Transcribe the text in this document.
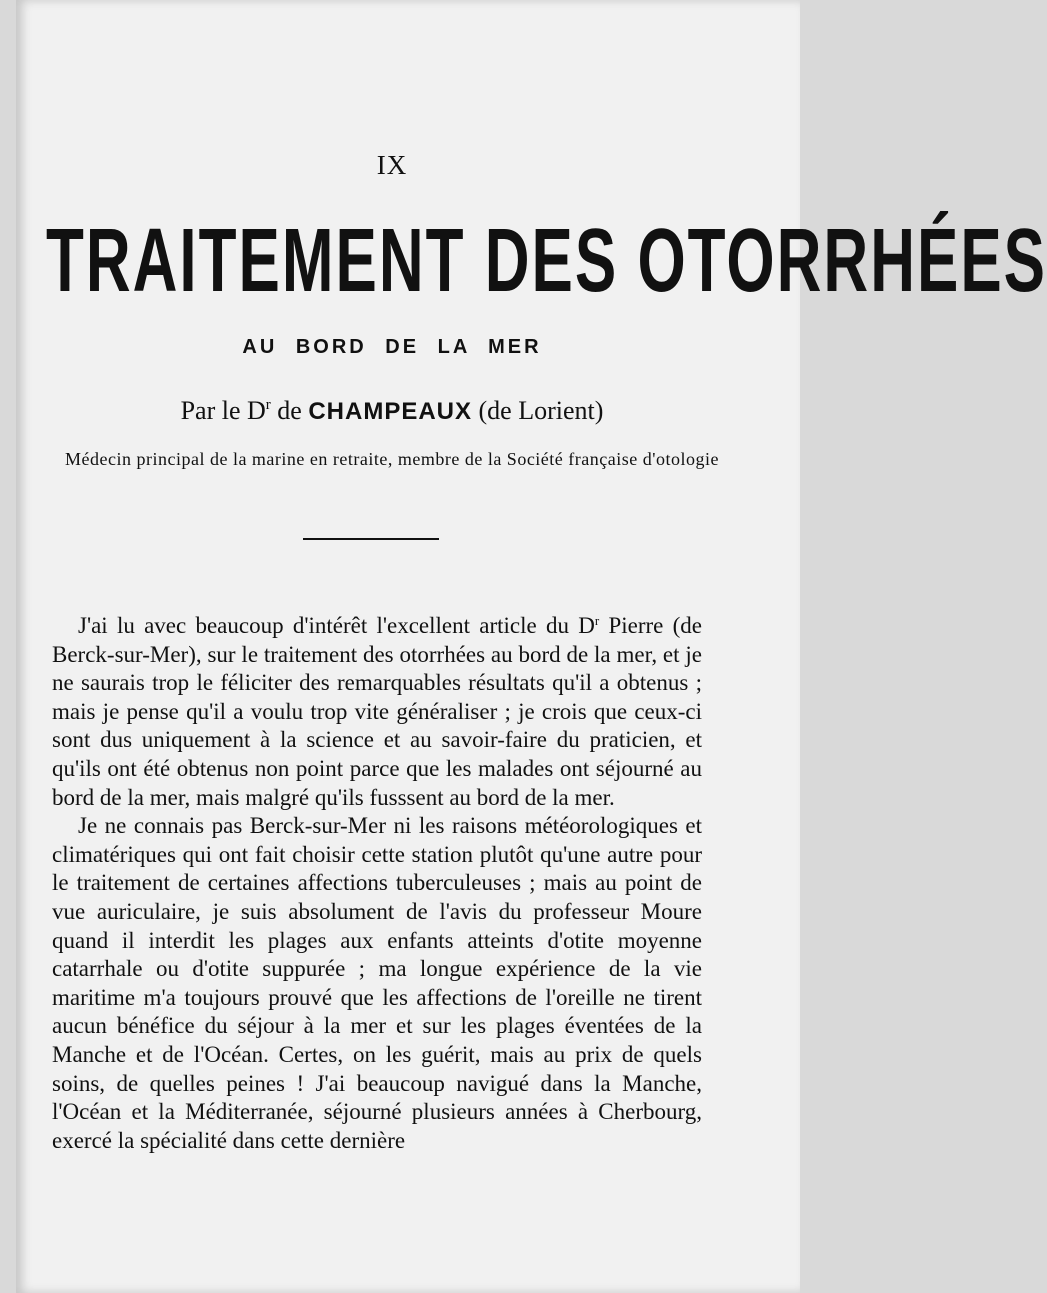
IX
TRAITEMENT DES OTORRHÉES
AU BORD DE LA MER
Par le $D^r$ de CHAMPEAUX (de Lorient)
Médecin principal de la marine en retraite, membre de la Société française d'otologie

J'ai lu avec beaucoup d'intérêt l'excellent article du $D^r$ Pierre (de Berck-sur-Mer), sur le traitement des otorrhées au bord de la mer, et je ne saurais trop le féliciter des remarquables résultats qu'il a obtenus ; mais je pense qu'il a voulu trop vite généraliser ; je crois que ceux-ci sont dus uniquement à la science et au savoir-faire du praticien, et qu'ils ont été obtenus non point parce que les malades ont séjourné au bord de la mer, mais malgré qu'ils fusssent au bord de la mer.

Je ne connais pas Berck-sur-Mer ni les raisons météorologiques et climatériques qui ont fait choisir cette station plutôt qu'une autre pour le traitement de certaines affections tuberculeuses ; mais au point de vue auriculaire, je suis absolument de l'avis du professeur Moure quand il interdit les plages aux enfants atteints d'otite moyenne catarrhale ou d'otite suppurée ; ma longue expérience de la vie maritime m'a toujours prouvé que les affections de l'oreille ne tirent aucun bénéfice du séjour à la mer et sur les plages éventées de la Manche et de l'Océan. Certes, on les guérit, mais au prix de quels soins, de quelles peines ! J'ai beaucoup navigué dans la Manche, l'Océan et la Méditerranée, séjourné plusieurs années à Cherbourg, exercé la spécialité dans cette dernière
